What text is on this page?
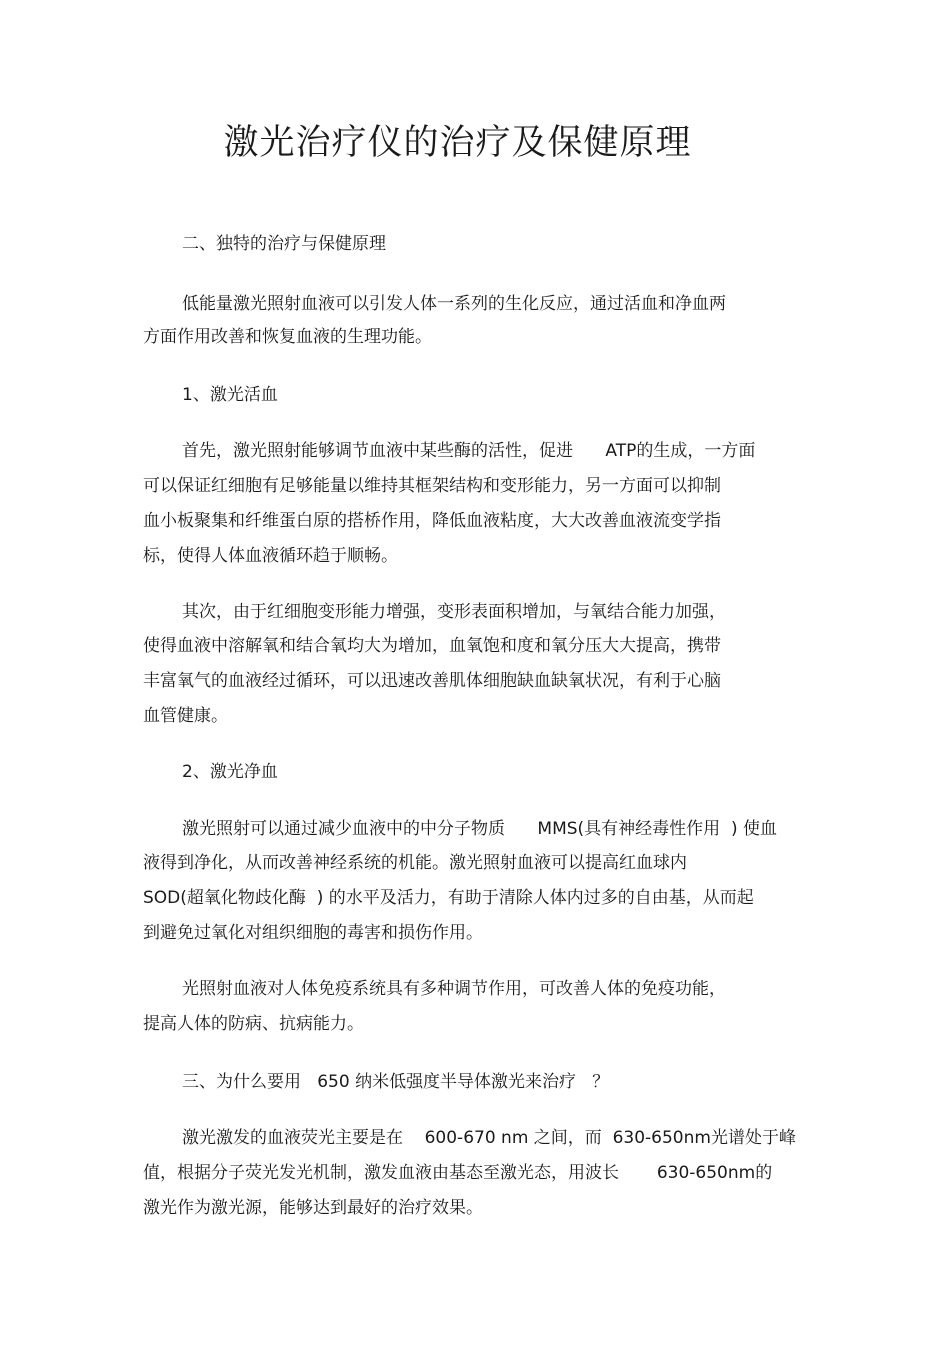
激光治疗仪的治疗及保健原理

二、独特的治疗与保健原理

低能量激光照射血液可以引发人体一系列的生化反应，通过活血和净血两

方面作用改善和恢复血液的生理功能。

1、激光活血

首先，激光照射能够调节血液中某些酶的活性，促进      ATP的生成，一方面

可以保证红细胞有足够能量以维持其框架结构和变形能力，另一方面可以抑制

血小板聚集和纤维蛋白原的搭桥作用，降低血液粘度，大大改善血液流变学指

标，使得人体血液循环趋于顺畅。

其次，由于红细胞变形能力增强，变形表面积增加，与氧结合能力加强，

使得血液中溶解氧和结合氧均大为增加，血氧饱和度和氧分压大大提高，携带

丰富氧气的血液经过循环，可以迅速改善肌体细胞缺血缺氧状况，有利于心脑

血管健康。

2、激光净血

激光照射可以通过减少血液中的中分子物质      MMS(具有神经毒性作用  ) 使血

液得到净化，从而改善神经系统的机能。激光照射血液可以提高红血球内

SOD(超氧化物歧化酶  ) 的水平及活力，有助于清除人体内过多的自由基，从而起

到避免过氧化对组织细胞的毒害和损伤作用。

光照射血液对人体免疫系统具有多种调节作用，可改善人体的免疫功能，

提高人体的防病、抗病能力。

三、为什么要用   650 纳米低强度半导体激光来治疗   ？

激光激发的血液荧光主要是在    600-670 nm 之间，而  630-650nm光谱处于峰

值，根据分子荧光发光机制，激发血液由基态至激光态，用波长       630-650nm的

激光作为激光源，能够达到最好的治疗效果。
